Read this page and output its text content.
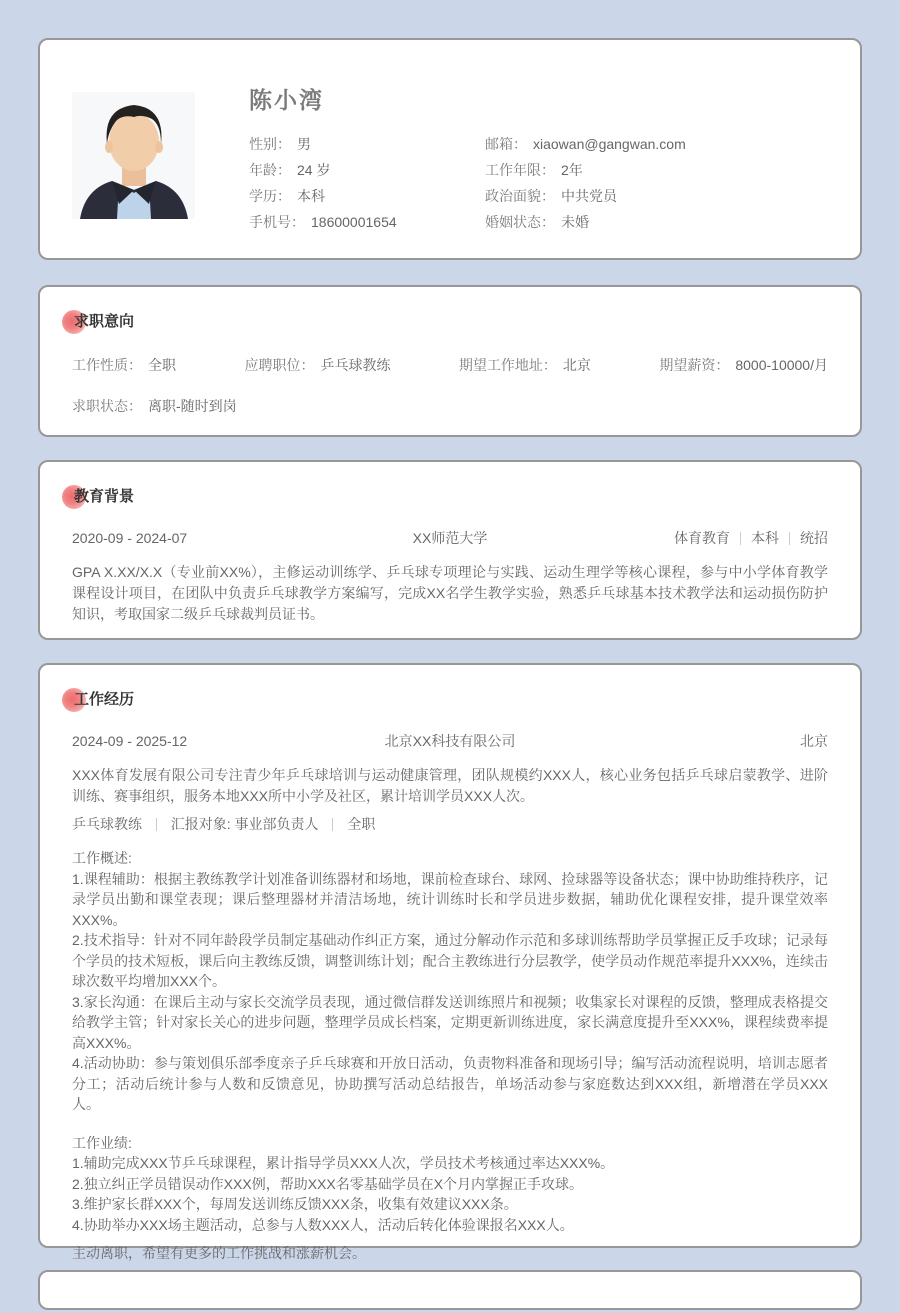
陈小湾
性别： 男
年龄： 24 岁
学历： 本科
手机号： 18600001654
邮箱： xiaowan@gangwan.com
工作年限： 2年
政治面貌： 中共党员
婚姻状态： 未婚
求职意向
工作性质： 全职	应聘职位： 乒乓球教练	期望工作地址： 北京	期望薪资： 8000-10000/月
求职状态： 离职-随时到岗
教育背景
2020-09 - 2024-07	XX师范大学	体育教育 本科 统招
GPA X.XX/X.X（专业前XX%），主修运动训练学、乒乓球专项理论与实践、运动生理学等核心课程，参与中小学体育教学课程设计项目，在团队中负责乒乓球教学方案编写，完成XX名学生教学实验，熟悉乒乓球基本技术教学法和运动损伤防护知识，考取国家二级乒乓球裁判员证书。
工作经历
2024-09 - 2025-12	北京XX科技有限公司	北京
XXX体育发展有限公司专注青少年乒乓球培训与运动健康管理，团队规模约XXX人，核心业务包括乒乓球启蒙教学、进阶训练、赛事组织，服务本地XXX所中小学及社区，累计培训学员XXX人次。
乒乓球教练 汇报对象: 事业部负责人 全职
工作概述:
1.课程辅助：根据主教练教学计划准备训练器材和场地，课前检查球台、球网、捡球器等设备状态；课中协助维持秩序，记录学员出勤和课堂表现；课后整理器材并清洁场地，统计训练时长和学员进步数据，辅助优化课程安排，提升课堂效率XXX%。
2.技术指导：针对不同年龄段学员制定基础动作纠正方案，通过分解动作示范和多球训练帮助学员掌握正反手攻球；记录每个学员的技术短板，课后向主教练反馈，调整训练计划；配合主教练进行分层教学，使学员动作规范率提升XXX%，连续击球次数平均增加XXX个。
3.家长沟通：在课后主动与家长交流学员表现，通过微信群发送训练照片和视频；收集家长对课程的反馈，整理成表格提交给教学主管；针对家长关心的进步问题，整理学员成长档案，定期更新训练进度，家长满意度提升至XXX%，课程续费率提高XXX%。
4.活动协助：参与策划俱乐部季度亲子乒乓球赛和开放日活动，负责物料准备和现场引导；编写活动流程说明，培训志愿者分工；活动后统计参与人数和反馈意见，协助撰写活动总结报告，单场活动参与家庭数达到XXX组，新增潜在学员XXX人。
工作业绩:
1.辅助完成XXX节乒乓球课程，累计指导学员XXX人次，学员技术考核通过率达XXX%。
2.独立纠正学员错误动作XXX例，帮助XXX名零基础学员在X个月内掌握正手攻球。
3.维护家长群XXX个，每周发送训练反馈XXX条，收集有效建议XXX条。
4.协助举办XXX场主题活动，总参与人数XXX人，活动后转化体验课报名XXX人。
主动离职，希望有更多的工作挑战和涨薪机会。
